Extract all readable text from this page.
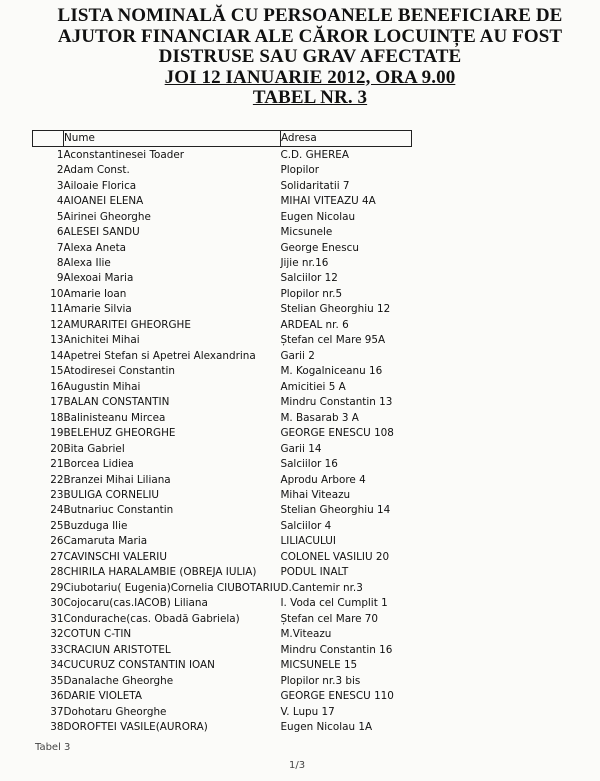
LISTA NOMINALĂ CU PERSOANELE BENEFICIARE DE
AJUTOR FINANCIAR ALE CĂROR LOCUINȚE AU FOST
DISTRUSE SAU GRAV AFECTATE
JOI 12 IANUARIE 2012, ORA 9.00
TABEL NR. 3
	Nume	Adresa
1	Aconstantinesei Toader	C.D. GHEREA
2	Adam Const.	Plopilor
3	Ailoaie Florica	Solidaritatii 7
4	AIOANEI ELENA	MIHAI VITEAZU 4A
5	Airinei Gheorghe	Eugen Nicolau
6	ALESEI SANDU	Micsunele
7	Alexa Aneta	George Enescu
8	Alexa Ilie	Jijie nr.16
9	Alexoai Maria	Salciilor 12
10	Amarie Ioan	Plopilor nr.5
11	Amarie Silvia	Stelian Gheorghiu 12
12	AMURARITEI GHEORGHE	ARDEAL nr. 6
13	Anichitei Mihai	Ștefan cel Mare 95A
14	Apetrei Stefan si Apetrei Alexandrina	Garii 2
15	Atodiresei Constantin	M. Kogalniceanu 16
16	Augustin Mihai	Amicitiei 5 A
17	BALAN CONSTANTIN	Mindru Constantin 13
18	Balinisteanu Mircea	M. Basarab 3 A
19	BELEHUZ GHEORGHE	GEORGE ENESCU 108
20	Bita Gabriel	Garii 14
21	Borcea Lidiea	Salciilor 16
22	Branzei Mihai Liliana	Aprodu Arbore 4
23	BULIGA CORNELIU	Mihai Viteazu
24	Butnariuc Constantin	Stelian Gheorghiu 14
25	Buzduga Ilie	Salciilor 4
26	Camaruta Maria	LILIACULUI
27	CAVINSCHI VALERIU	COLONEL VASILIU 20
28	CHIRILA HARALAMBIE (OBREJA IULIA)	PODUL INALT
29	Ciubotariu( Eugenia)Cornelia CIUBOTARIU	D.Cantemir nr.3
30	Cojocaru(cas.IACOB) Liliana	I. Voda cel Cumplit 1
31	Condurache(cas. Obadă Gabriela)	Ștefan cel Mare 70
32	COTUN C-TIN	M.Viteazu
33	CRACIUN ARISTOTEL	Mindru Constantin 16
34	CUCURUZ CONSTANTIN IOAN	MICSUNELE 15
35	Danalache Gheorghe	Plopilor nr.3 bis
36	DARIE VIOLETA	GEORGE ENESCU 110
37	Dohotaru Gheorghe	V. Lupu 17
38	DOROFTEI VASILE(AURORA)	Eugen Nicolau 1A
Tabel 3
1/3
